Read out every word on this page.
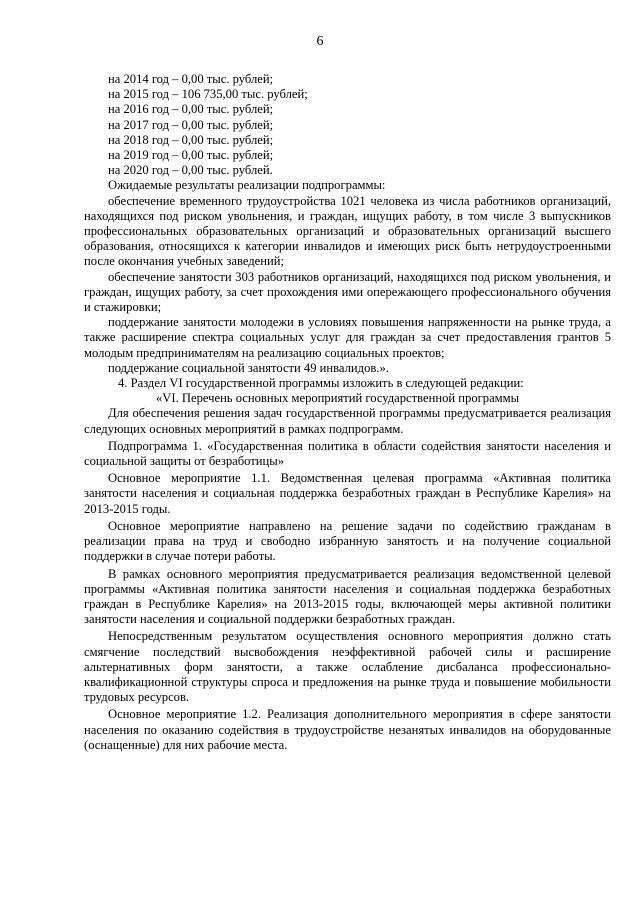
6

на 2014 год – 0,00 тыс. рублей;

на 2015 год – 106 735,00 тыс. рублей;

на 2016 год – 0,00 тыс. рублей;

на 2017 год – 0,00 тыс. рублей;

на 2018 год – 0,00 тыс. рублей;

на 2019 год – 0,00 тыс. рублей;

на 2020 год – 0,00 тыс. рублей.

Ожидаемые результаты реализации подпрограммы:

обеспечение временного трудоустройства 1021 человека из числа работников организаций, находящихся под риском увольнения, и граждан, ищущих работу, в том числе 3 выпускников профессиональных образовательных организаций и образовательных организаций высшего образования, относящихся к категории инвалидов и имеющих риск быть нетрудоустроенными после окончания учебных заведений;

обеспечение занятости 303 работников организаций, находящихся под риском увольнения, и граждан, ищущих работу, за счет прохождения ими опережающего профессионального обучения и стажировки;

поддержание занятости молодежи в условиях повышения напряженности на рынке труда, а также расширение спектра социальных услуг для граждан за счет предоставления грантов 5 молодым предпринимателям на реализацию социальных проектов;

поддержание социальной занятости 49 инвалидов.».

4. Раздел VI государственной программы изложить в следующей редакции:

«VI. Перечень основных мероприятий государственной программы

Для обеспечения решения задач государственной программы предусматривается реализация следующих основных мероприятий в рамках подпрограмм.

Подпрограмма 1. «Государственная политика в области содействия занятости населения и социальной защиты от безработицы»

Основное мероприятие 1.1. Ведомственная целевая программа «Активная политика занятости населения и социальная поддержка безработных граждан в Республике Карелия» на 2013-2015 годы.

Основное мероприятие направлено на решение задачи по содействию гражданам в реализации права на труд и свободно избранную занятость и на получение социальной поддержки в случае потери работы.

В рамках основного мероприятия предусматривается реализация ведомственной целевой программы «Активная политика занятости населения и социальная поддержка безработных граждан в Республике Карелия» на 2013-2015 годы, включающей меры активной политики занятости населения и социальной поддержки безработных граждан.

Непосредственным результатом осуществления основного мероприятия должно стать смягчение последствий высвобождения неэффективной рабочей силы и расширение альтернативных форм занятости, а также ослабление дисбаланса профессионально-квалификационной структуры спроса и предложения на рынке труда и повышение мобильности трудовых ресурсов.

Основное мероприятие 1.2. Реализация дополнительного мероприятия в сфере занятости населения по оказанию содействия в трудоустройстве незанятых инвалидов на оборудованные (оснащенные) для них рабочие места.
